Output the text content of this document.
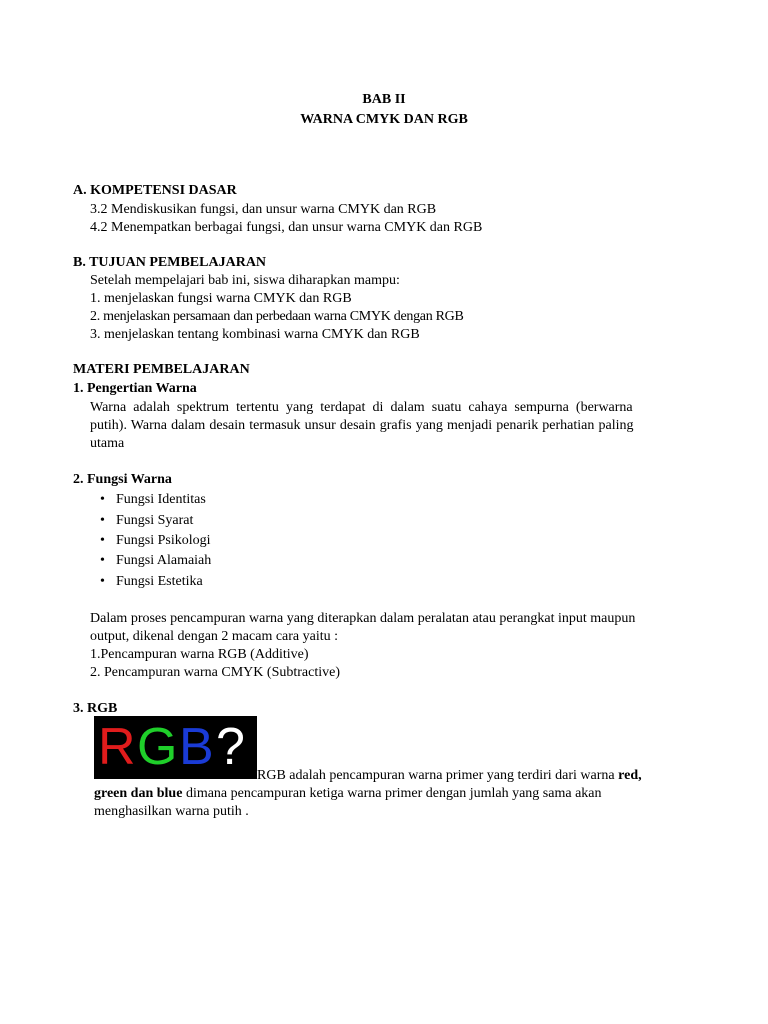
BAB II
WARNA CMYK DAN RGB
A. KOMPETENSI DASAR
3.2 Mendiskusikan fungsi, dan unsur warna CMYK dan RGB
4.2 Menempatkan berbagai fungsi, dan unsur warna CMYK dan RGB
B. TUJUAN PEMBELAJARAN
Setelah mempelajari bab ini, siswa diharapkan mampu:
1. menjelaskan fungsi warna CMYK dan RGB
2. menjelaskan persamaan dan perbedaan warna CMYK dengan RGB
3. menjelaskan tentang kombinasi warna CMYK dan RGB
MATERI PEMBELAJARAN
1. Pengertian Warna
Warna adalah spektrum tertentu yang terdapat di dalam suatu cahaya sempurna (berwarna
putih). Warna dalam desain termasuk unsur desain grafis yang menjadi penarik perhatian paling
utama
2. Fungsi Warna
• Fungsi Identitas
• Fungsi Syarat
• Fungsi Psikologi
• Fungsi Alamaiah
• Fungsi Estetika
Dalam proses pencampuran warna yang diterapkan dalam peralatan atau perangkat input maupun
output, dikenal dengan 2 macam cara yaitu :
1.Pencampuran warna RGB (Additive)
2. Pencampuran warna CMYK (Subtractive)
3. RGB
R G B ? RGB adalah pencampuran warna primer yang terdiri dari warna red,
green dan blue dimana pencampuran ketiga warna primer dengan jumlah yang sama akan
menghasilkan warna putih .
